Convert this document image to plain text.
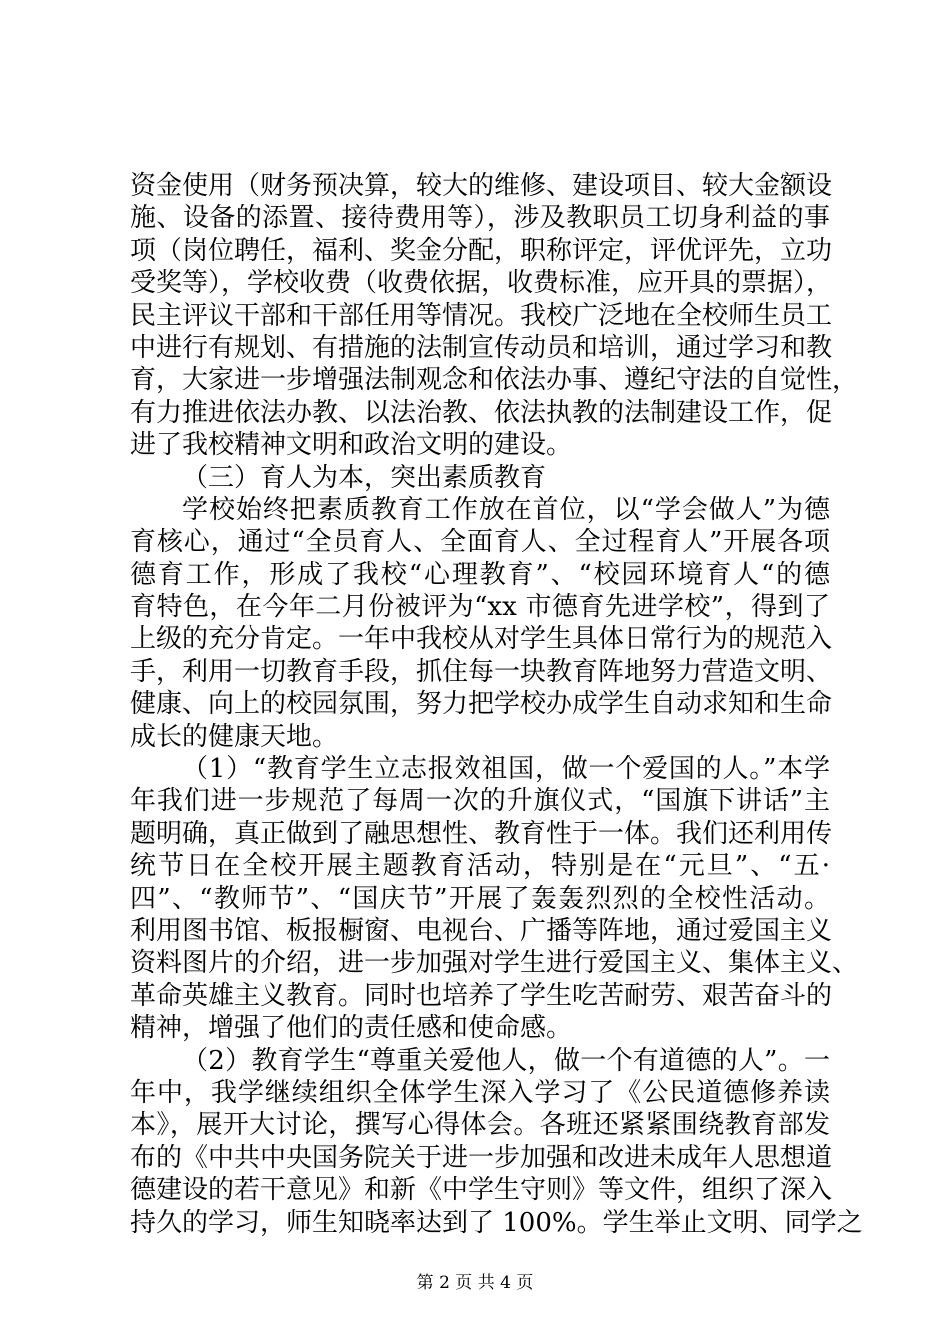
资金使用（财务预决算，较大的维修、建设项目、较大金额设
施、设备的添置、接待费用等），涉及教职员工切身利益的事
项（岗位聘任，福利、奖金分配，职称评定，评优评先，立功
受奖等），学校收费（收费依据，收费标准，应开具的票据），
民主评议干部和干部任用等情况。我校广泛地在全校师生员工
中进行有规划、有措施的法制宣传动员和培训，通过学习和教
育，大家进一步增强法制观念和依法办事、遵纪守法的自觉性，
有力推进依法办教、以法治教、依法执教的法制建设工作，促
进了我校精神文明和政治文明的建设。
（三）育人为本，突出素质教育
学校始终把素质教育工作放在首位，以“学会做人”为德
育核心，通过“全员育人、全面育人、全过程育人”开展各项
德育工作，形成了我校“心理教育”、“校园环境育人“的德
育特色，在今年二月份被评为“xx 市德育先进学校”，得到了
上级的充分肯定。一年中我校从对学生具体日常行为的规范入
手，利用一切教育手段，抓住每一块教育阵地努力营造文明、
健康、向上的校园氛围，努力把学校办成学生自动求知和生命
成长的健康天地。
（1）“教育学生立志报效祖国，做一个爱国的人。”本学
年我们进一步规范了每周一次的升旗仪式，“国旗下讲话”主
题明确，真正做到了融思想性、教育性于一体。我们还利用传
统节日在全校开展主题教育活动，特别是在“元旦”、“五·
四”、“教师节”、“国庆节”开展了轰轰烈烈的全校性活动。
利用图书馆、板报橱窗、电视台、广播等阵地，通过爱国主义
资料图片的介绍，进一步加强对学生进行爱国主义、集体主义、
革命英雄主义教育。同时也培养了学生吃苦耐劳、艰苦奋斗的
精神，增强了他们的责任感和使命感。
（2）教育学生“尊重关爱他人，做一个有道德的人”。一
年中，我学继续组织全体学生深入学习了《公民道德修养读
本》，展开大讨论，撰写心得体会。各班还紧紧围绕教育部发
布的《中共中央国务院关于进一步加强和改进未成年人思想道
德建设的若干意见》和新《中学生守则》等文件，组织了深入
持久的学习，师生知晓率达到了 100%。学生举止文明、同学之
第 2 页 共 4 页
